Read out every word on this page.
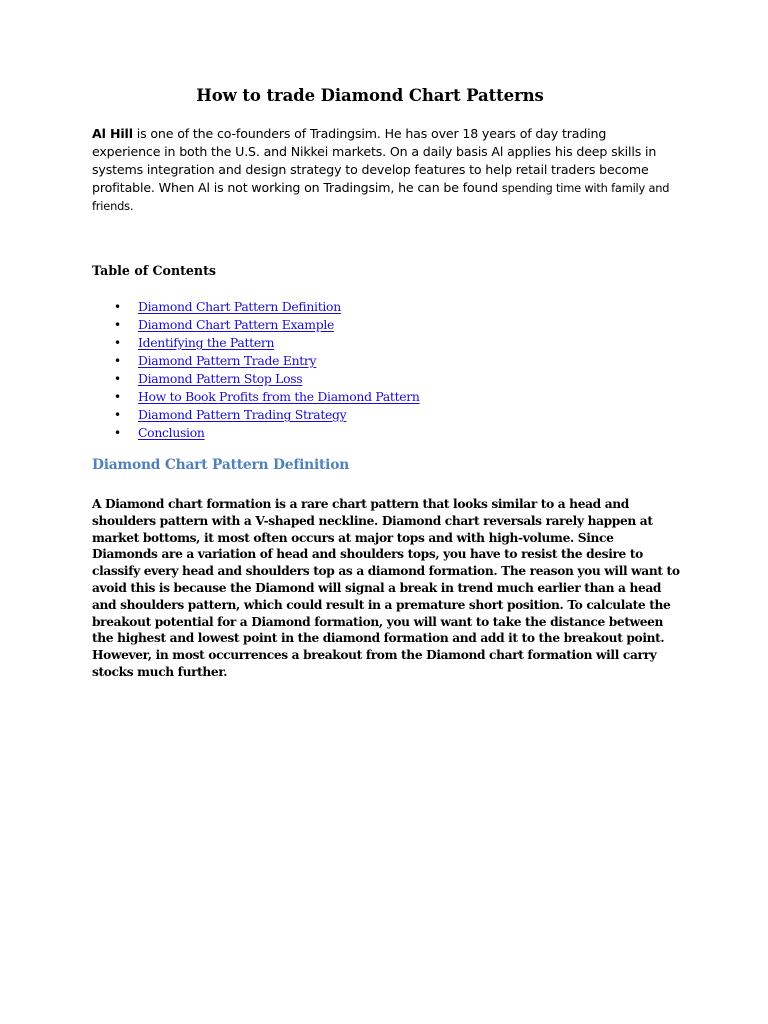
How to trade Diamond Chart Patterns

Al Hill is one of the co-founders of Tradingsim. He has over 18 years of day trading experience in both the U.S. and Nikkei markets. On a daily basis Al applies his deep skills in systems integration and design strategy to develop features to help retail traders become profitable. When Al is not working on Tradingsim, he can be found spending time with family and friends.

Table of Contents
• Diamond Chart Pattern Definition
• Diamond Chart Pattern Example
• Identifying the Pattern
• Diamond Pattern Trade Entry
• Diamond Pattern Stop Loss
• How to Book Profits from the Diamond Pattern
• Diamond Pattern Trading Strategy
• Conclusion
Diamond Chart Pattern Definition

A Diamond chart formation is a rare chart pattern that looks similar to a head and shoulders pattern with a V-shaped neckline. Diamond chart reversals rarely happen at market bottoms, it most often occurs at major tops and with high-volume. Since Diamonds are a variation of head and shoulders tops, you have to resist the desire to classify every head and shoulders top as a diamond formation. The reason you will want to avoid this is because the Diamond will signal a break in trend much earlier than a head and shoulders pattern, which could result in a premature short position. To calculate the breakout potential for a Diamond formation, you will want to take the distance between the highest and lowest point in the diamond formation and add it to the breakout point. However, in most occurrences a breakout from the Diamond chart formation will carry stocks much further.
